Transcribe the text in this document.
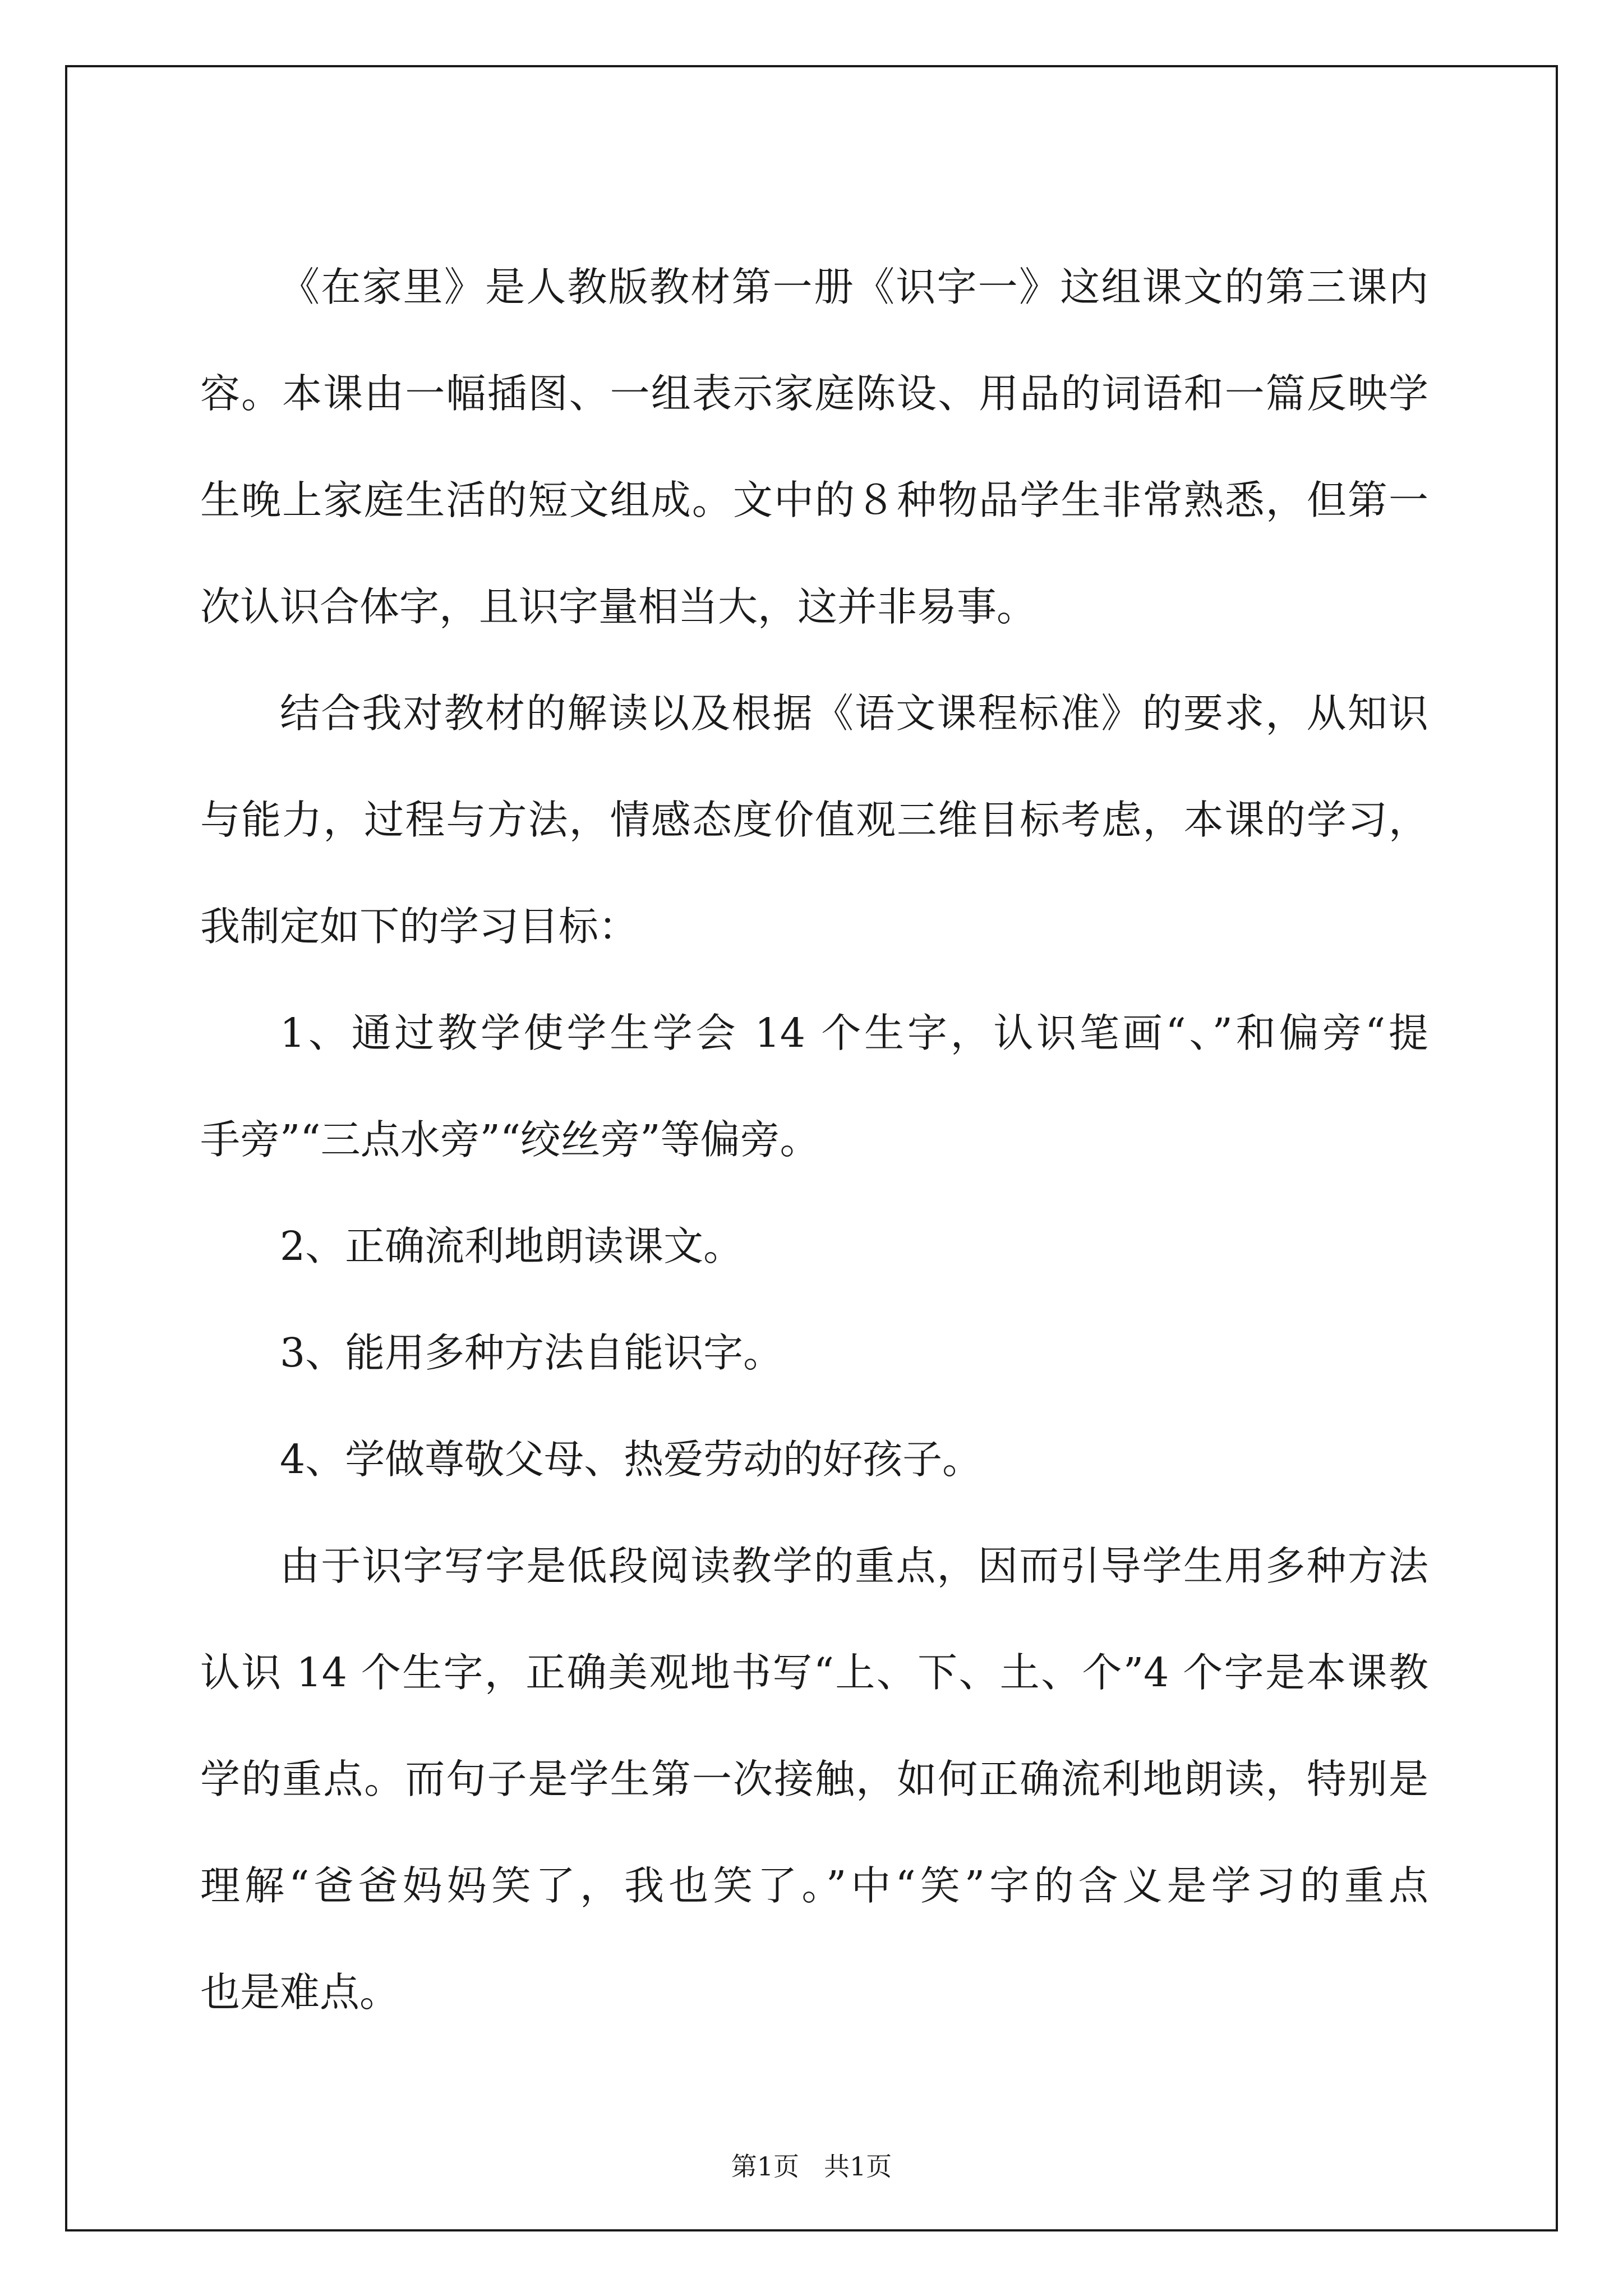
《在家里》是人教版教材第一册《识字一》这组课文的第三课内
容。本课由一幅插图、一组表示家庭陈设、用品的词语和一篇反映学
生晚上家庭生活的短文组成。文中的８种物品学生非常熟悉，但第一
次认识合体字，且识字量相当大，这并非易事。
结合我对教材的解读以及根据《语文课程标准》的要求，从知识
与能力，过程与方法，情感态度价值观三维目标考虑，本课的学习，
我制定如下的学习目标：
1、通过教学使学生学会 14 个生字，认识笔画“、”和偏旁“提
手旁”“三点水旁”“绞丝旁”等偏旁。
2、正确流利地朗读课文。
3、能用多种方法自能识字。
4、学做尊敬父母、热爱劳动的好孩子。
由于识字写字是低段阅读教学的重点，因而引导学生用多种方法
认识 14 个生字，正确美观地书写“上、下、土、个”4 个字是本课教
学的重点。而句子是学生第一次接触，如何正确流利地朗读，特别是
理解“爸爸妈妈笑了，我也笑了。”中“笑”字的含义是学习的重点
也是难点。
第1页 共1页
